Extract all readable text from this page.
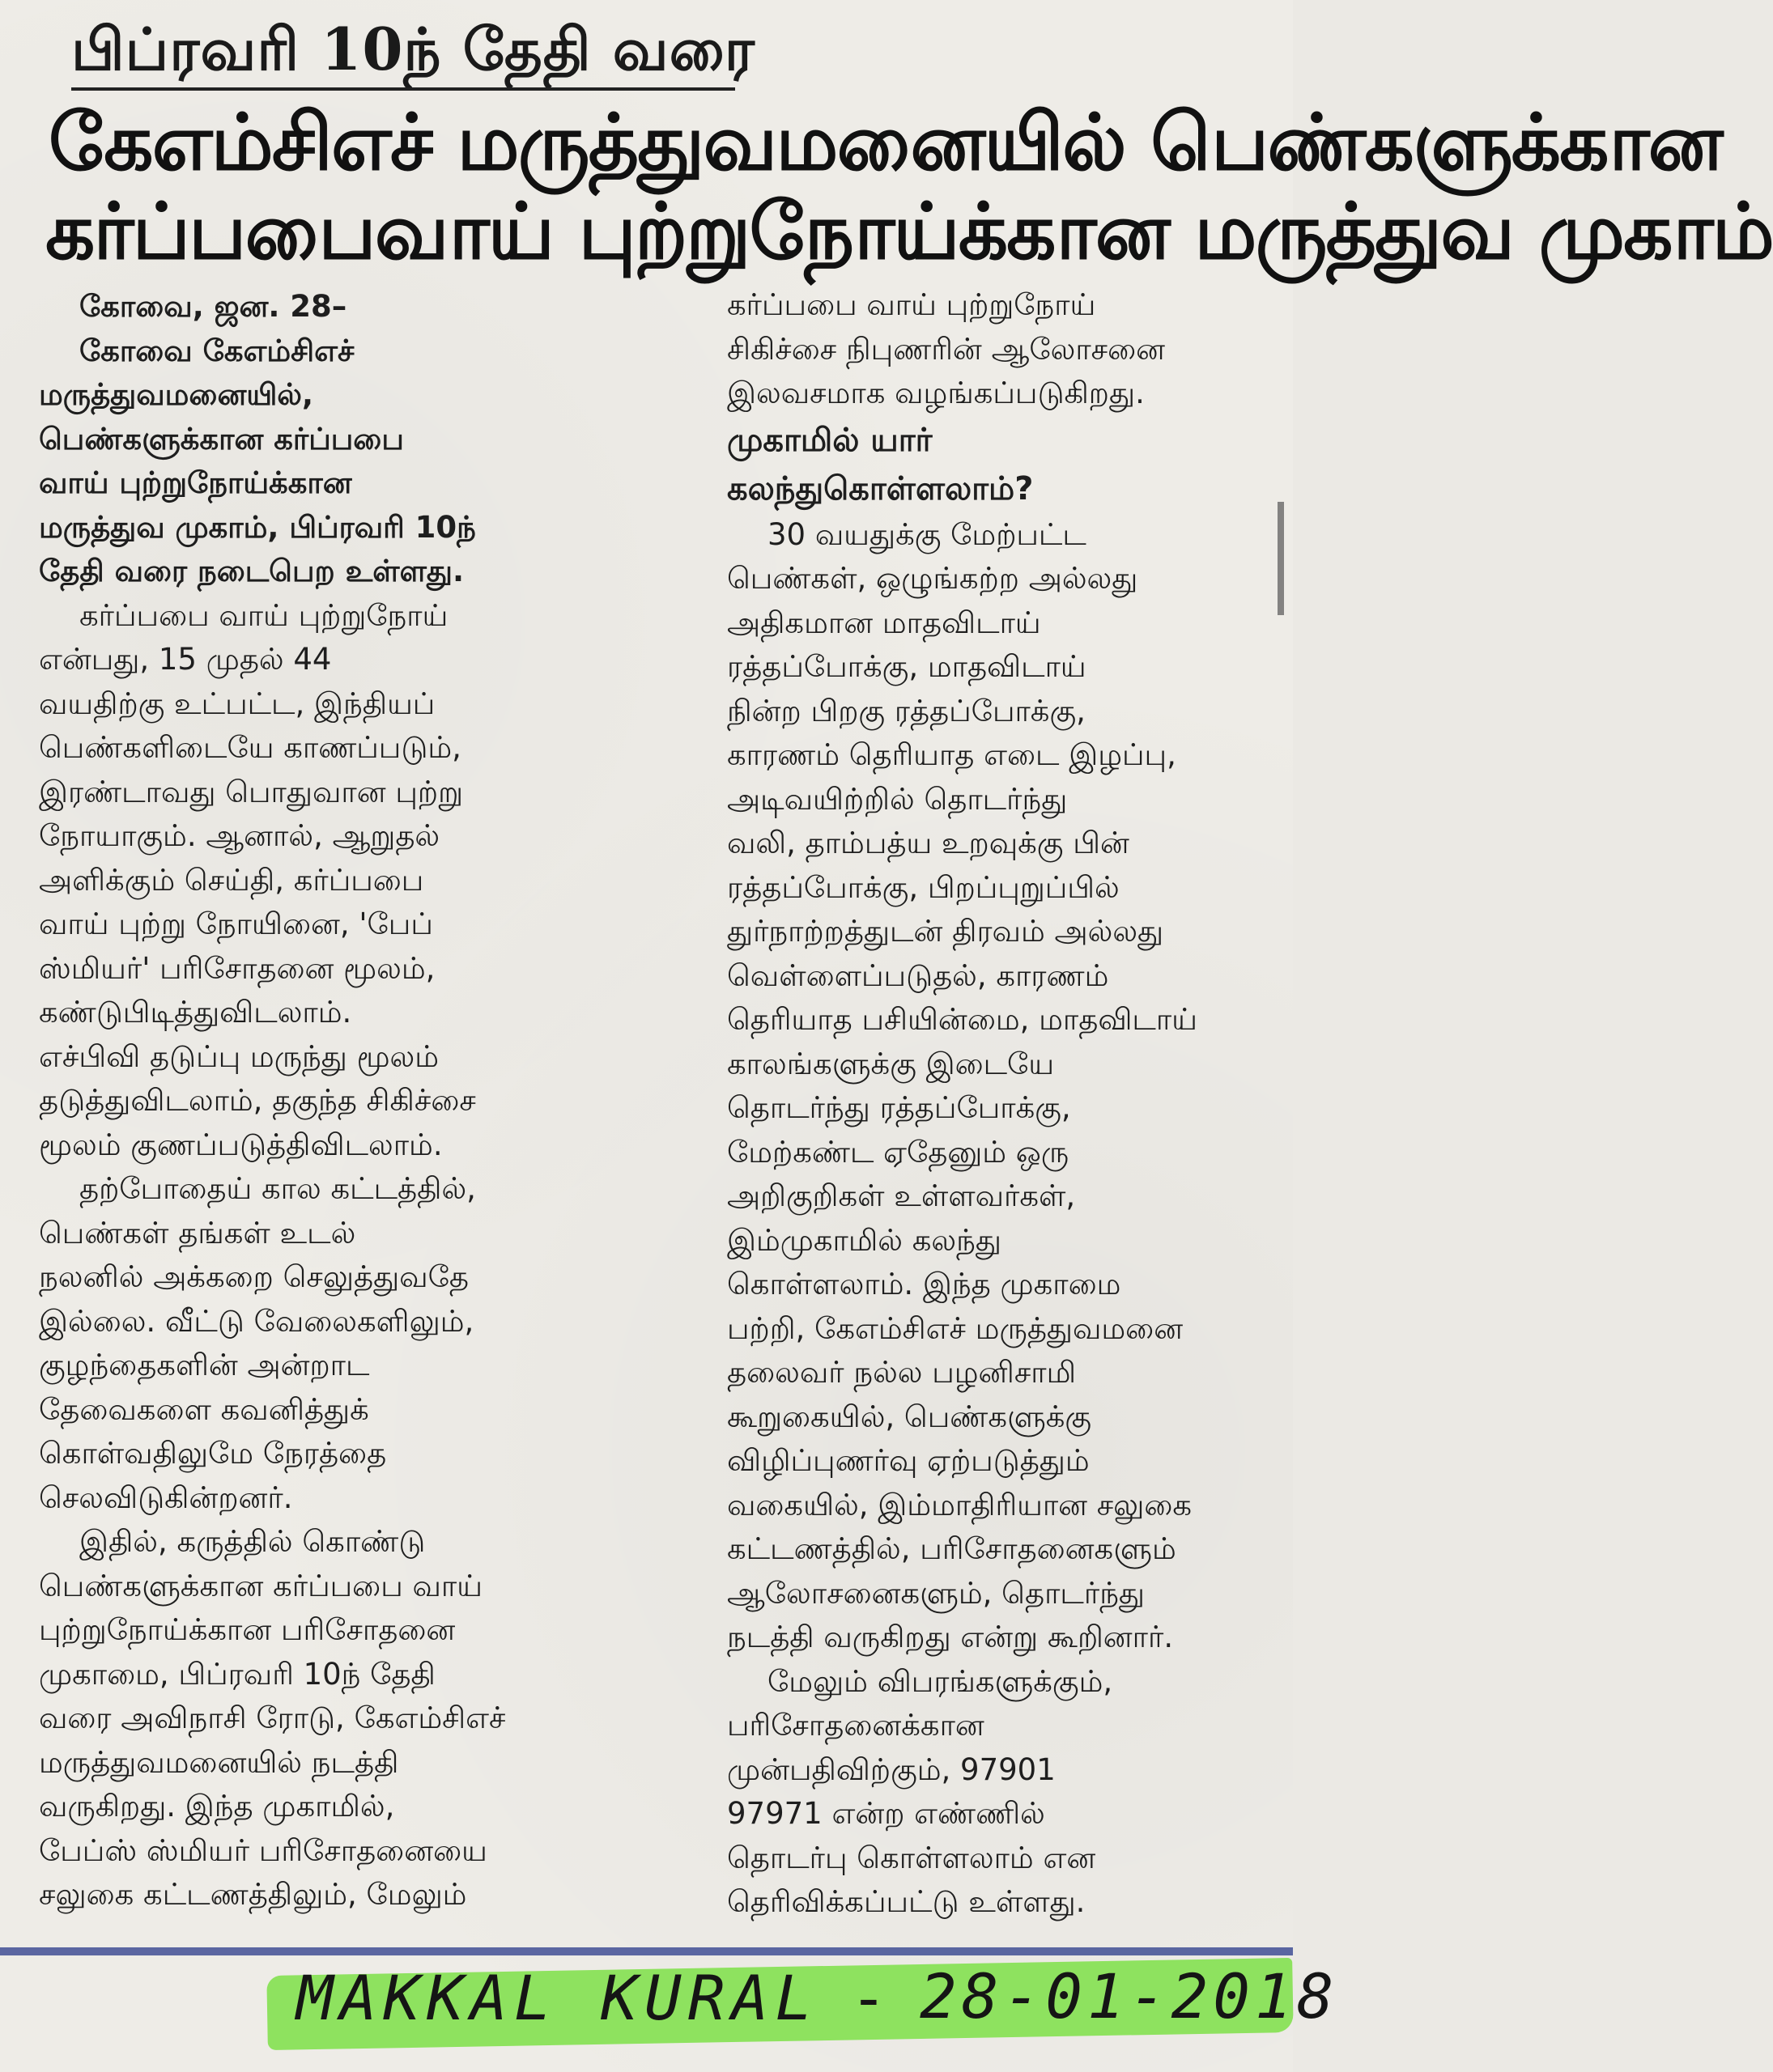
பிப்ரவரி 10ந் தேதி வரை
கேஎம்சிஎச் மருத்துவமனையில் பெண்களுக்கான
கர்ப்பபைவாய் புற்றுநோய்க்கான மருத்துவ முகாம்

கோவை, ஜன. 28–

கோவை கேஎம்சிஎச்

மருத்துவமனையில்,

பெண்களுக்கான கர்ப்பபை

வாய் புற்றுநோய்க்கான

மருத்துவ முகாம், பிப்ரவரி 10ந்

தேதி வரை நடைபெற உள்ளது.

கர்ப்பபை வாய் புற்றுநோய்

என்பது, 15 முதல் 44

வயதிற்கு உட்பட்ட, இந்தியப்

பெண்களிடையே காணப்படும்,

இரண்டாவது பொதுவான புற்று

நோயாகும். ஆனால், ஆறுதல்

அளிக்கும் செய்தி, கர்ப்பபை

வாய் புற்று நோயினை, 'பேப்

ஸ்மியர்' பரிசோதனை மூலம்,

கண்டுபிடித்துவிடலாம்.

எச்பிவி தடுப்பு மருந்து மூலம்

தடுத்துவிடலாம், தகுந்த சிகிச்சை

மூலம் குணப்படுத்திவிடலாம்.

தற்போதைய் கால கட்டத்தில்,

பெண்கள் தங்கள் உடல்

நலனில் அக்கறை செலுத்துவதே

இல்லை. வீட்டு வேலைகளிலும்,

குழந்தைகளின் அன்றாட

தேவைகளை கவனித்துக்

கொள்வதிலுமே நேரத்தை

செலவிடுகின்றனர்.

இதில், கருத்தில் கொண்டு

பெண்களுக்கான கர்ப்பபை வாய்

புற்றுநோய்க்கான பரிசோதனை

முகாமை, பிப்ரவரி 10ந் தேதி

வரை அவிநாசி ரோடு, கேஎம்சிஎச்

மருத்துவமனையில் நடத்தி

வருகிறது. இந்த முகாமில்,

பேப்ஸ் ஸ்மியர் பரிசோதனையை

சலுகை கட்டணத்திலும், மேலும்

கர்ப்பபை வாய் புற்றுநோய்

சிகிச்சை நிபுணரின் ஆலோசனை

இலவசமாக வழங்கப்படுகிறது.

முகாமில் யார்

கலந்துகொள்ளலாம்?

30 வயதுக்கு மேற்பட்ட

பெண்கள், ஒழுங்கற்ற அல்லது

அதிகமான மாதவிடாய்

ரத்தப்போக்கு, மாதவிடாய்

நின்ற பிறகு ரத்தப்போக்கு,

காரணம் தெரியாத எடை இழப்பு,

அடிவயிற்றில் தொடர்ந்து

வலி, தாம்பத்ய உறவுக்கு பின்

ரத்தப்போக்கு, பிறப்புறுப்பில்

துர்நாற்றத்துடன் திரவம் அல்லது

வெள்ளைப்படுதல், காரணம்

தெரியாத பசியின்மை, மாதவிடாய்

காலங்களுக்கு இடையே

தொடர்ந்து ரத்தப்போக்கு,

மேற்கண்ட ஏதேனும் ஒரு

அறிகுறிகள் உள்ளவர்கள்,

இம்முகாமில் கலந்து

கொள்ளலாம். இந்த முகாமை

பற்றி, கேஎம்சிஎச் மருத்துவமனை

தலைவர் நல்ல பழனிசாமி

கூறுகையில், பெண்களுக்கு

விழிப்புணர்வு ஏற்படுத்தும்

வகையில், இம்மாதிரியான சலுகை

கட்டணத்தில், பரிசோதனைகளும்

ஆலோசனைகளும், தொடர்ந்து

நடத்தி வருகிறது என்று கூறினார்.

மேலும் விபரங்களுக்கும்,

பரிசோதனைக்கான

முன்பதிவிற்கும், 97901

97971 என்ற எண்ணில்

தொடர்பு கொள்ளலாம் என

தெரிவிக்கப்பட்டு உள்ளது.

MAKKAL KURAL - 28-01-2018
